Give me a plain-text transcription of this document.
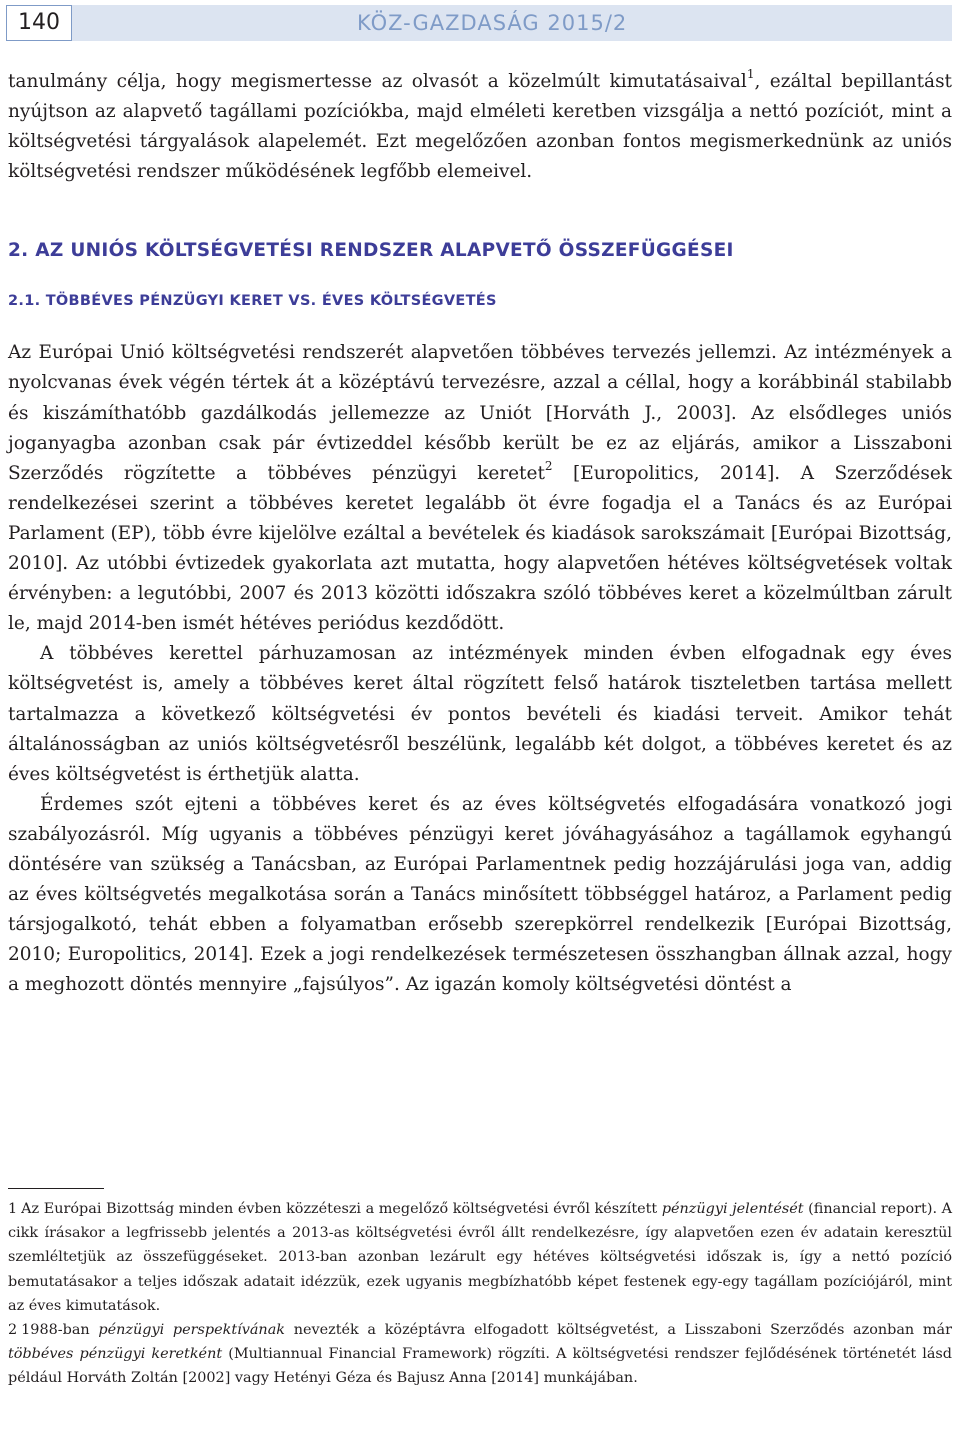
140	KÖZ-GAZDASÁG 2015/2

tanulmány célja, hogy megismertesse az olvasót a közelmúlt kimutatásaival$^1$, ezáltal bepillantást nyújtson az alapvető tagállami pozíciókba, majd elméleti keretben vizsgálja a nettó pozíciót, mint a költségvetési tárgyalások alapelemét. Ezt megelőzően azonban fontos megismerkednünk az uniós költségvetési rendszer működésének legfőbb elemeivel.

2. AZ UNIÓS KÖLTSÉGVETÉSI RENDSZER ALAPVETŐ ÖSSZEFÜGGÉSEI
2.1. TÖBBÉVES PÉNZÜGYI KERET VS. ÉVES KÖLTSÉGVETÉS

Az Európai Unió költségvetési rendszerét alapvetően többéves tervezés jellemzi. Az intézmények a nyolcvanas évek végén tértek át a középtávú tervezésre, azzal a céllal, hogy a korábbinál stabilabb és kiszámíthatóbb gazdálkodás jellemezze az Uniót [Horváth J., 2003]. Az elsődleges uniós joganyagba azonban csak pár évtizeddel később került be ez az eljárás, amikor a Lisszaboni Szerződés rögzítette a többéves pénzügyi keretet$^2$ [Europolitics, 2014]. A Szerződések rendelkezései szerint a többéves keretet legalább öt évre fogadja el a Tanács és az Európai Parlament (EP), több évre kijelölve ezáltal a bevételek és kiadások sarokszámait [Európai Bizottság, 2010]. Az utóbbi évtizedek gyakorlata azt mutatta, hogy alapvetően hétéves költségvetések voltak érvényben: a legutóbbi, 2007 és 2013 közötti időszakra szóló többéves keret a közelmúltban zárult le, majd 2014-ben ismét hétéves periódus kezdődött.

A többéves kerettel párhuzamosan az intézmények minden évben elfogadnak egy éves költségvetést is, amely a többéves keret által rögzített felső határok tiszteletben tartása mellett tartalmazza a következő költségvetési év pontos bevételi és kiadási terveit. Amikor tehát általánosságban az uniós költségvetésről beszélünk, legalább két dolgot, a többéves keretet és az éves költségvetést is érthetjük alatta.

Érdemes szót ejteni a többéves keret és az éves költségvetés elfogadására vonatkozó jogi szabályozásról. Míg ugyanis a többéves pénzügyi keret jóváhagyásához a tagállamok egyhangú döntésére van szükség a Tanácsban, az Európai Parlamentnek pedig hozzájárulási joga van, addig az éves költségvetés megalkotása során a Tanács minősített többséggel határoz, a Parlament pedig társjogalkotó, tehát ebben a folyamatban erősebb szerepkörrel rendelkezik [Európai Bizottság, 2010; Europolitics, 2014]. Ezek a jogi rendelkezések természetesen összhangban állnak azzal, hogy a meghozott döntés mennyire „fajsúlyos”. Az igazán komoly költségvetési döntést a

1 Az Európai Bizottság minden évben közzéteszi a megelőző költségvetési évről készített pénzügyi jelentését (financial report). A cikk írásakor a legfrissebb jelentés a 2013-as költségvetési évről állt rendelkezésre, így alapvetően ezen év adatain keresztül szemléltetjük az összefüggéseket. 2013-ban azonban lezárult egy hétéves költségvetési időszak is, így a nettó pozíció bemutatásakor a teljes időszak adatait idézzük, ezek ugyanis megbízhatóbb képet festenek egy-egy tagállam pozíciójáról, mint az éves kimutatások.

2 1988-ban pénzügyi perspektívának nevezték a középtávra elfogadott költségvetést, a Lisszaboni Szerződés azonban már többéves pénzügyi keretként (Multiannual Financial Framework) rögzíti. A költségvetési rendszer fejlődésének történetét lásd például Horváth Zoltán [2002] vagy Hetényi Géza és Bajusz Anna [2014] munkájában.
